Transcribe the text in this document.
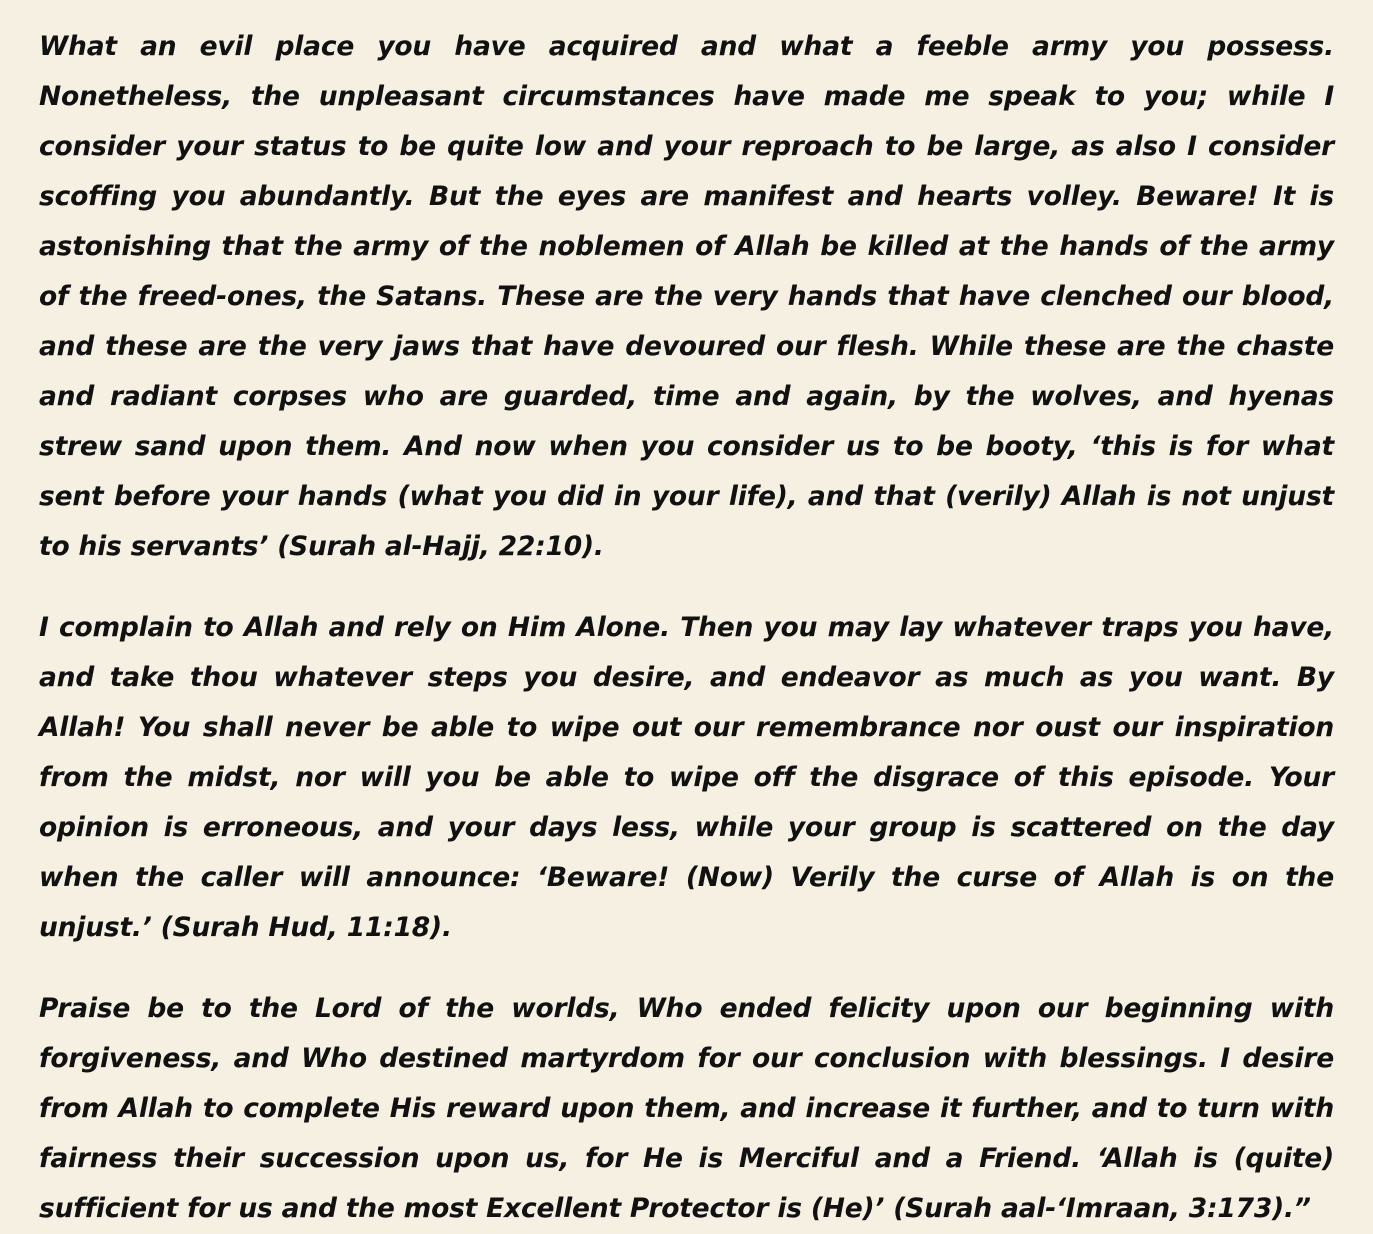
What an evil place you have acquired and what a feeble army you possess. Nonetheless, the unpleasant circumstances have made me speak to you; while I consider your status to be quite low and your reproach to be large, as also I consider scoffing you abundantly. But the eyes are manifest and hearts volley. Beware! It is astonishing that the army of the noblemen of Allah be killed at the hands of the army of the freed-ones, the Satans. These are the very hands that have clenched our blood, and these are the very jaws that have devoured our flesh. While these are the chaste and radiant corpses who are guarded, time and again, by the wolves, and hyenas strew sand upon them. And now when you consider us to be booty, ‘this is for what sent before your hands (what you did in your life), and that (verily) Allah is not unjust to his servants’ (Surah al-Hajj, 22:10).

I complain to Allah and rely on Him Alone. Then you may lay whatever traps you have, and take thou whatever steps you desire, and endeavor as much as you want. By Allah! You shall never be able to wipe out our remembrance nor oust our inspiration from the midst, nor will you be able to wipe off the disgrace of this episode. Your opinion is erroneous, and your days less, while your group is scattered on the day when the caller will announce: ‘Beware! (Now) Verily the curse of Allah is on the unjust.’ (Surah Hud, 11:18).

Praise be to the Lord of the worlds, Who ended felicity upon our beginning with forgiveness, and Who destined martyrdom for our conclusion with blessings. I desire from Allah to complete His reward upon them, and increase it further, and to turn with fairness their succession upon us, for He is Merciful and a Friend. ‘Allah is (quite) sufficient for us and the most Excellent Protector is (He)’ (Surah aal-‘Imraan, 3:173).”
